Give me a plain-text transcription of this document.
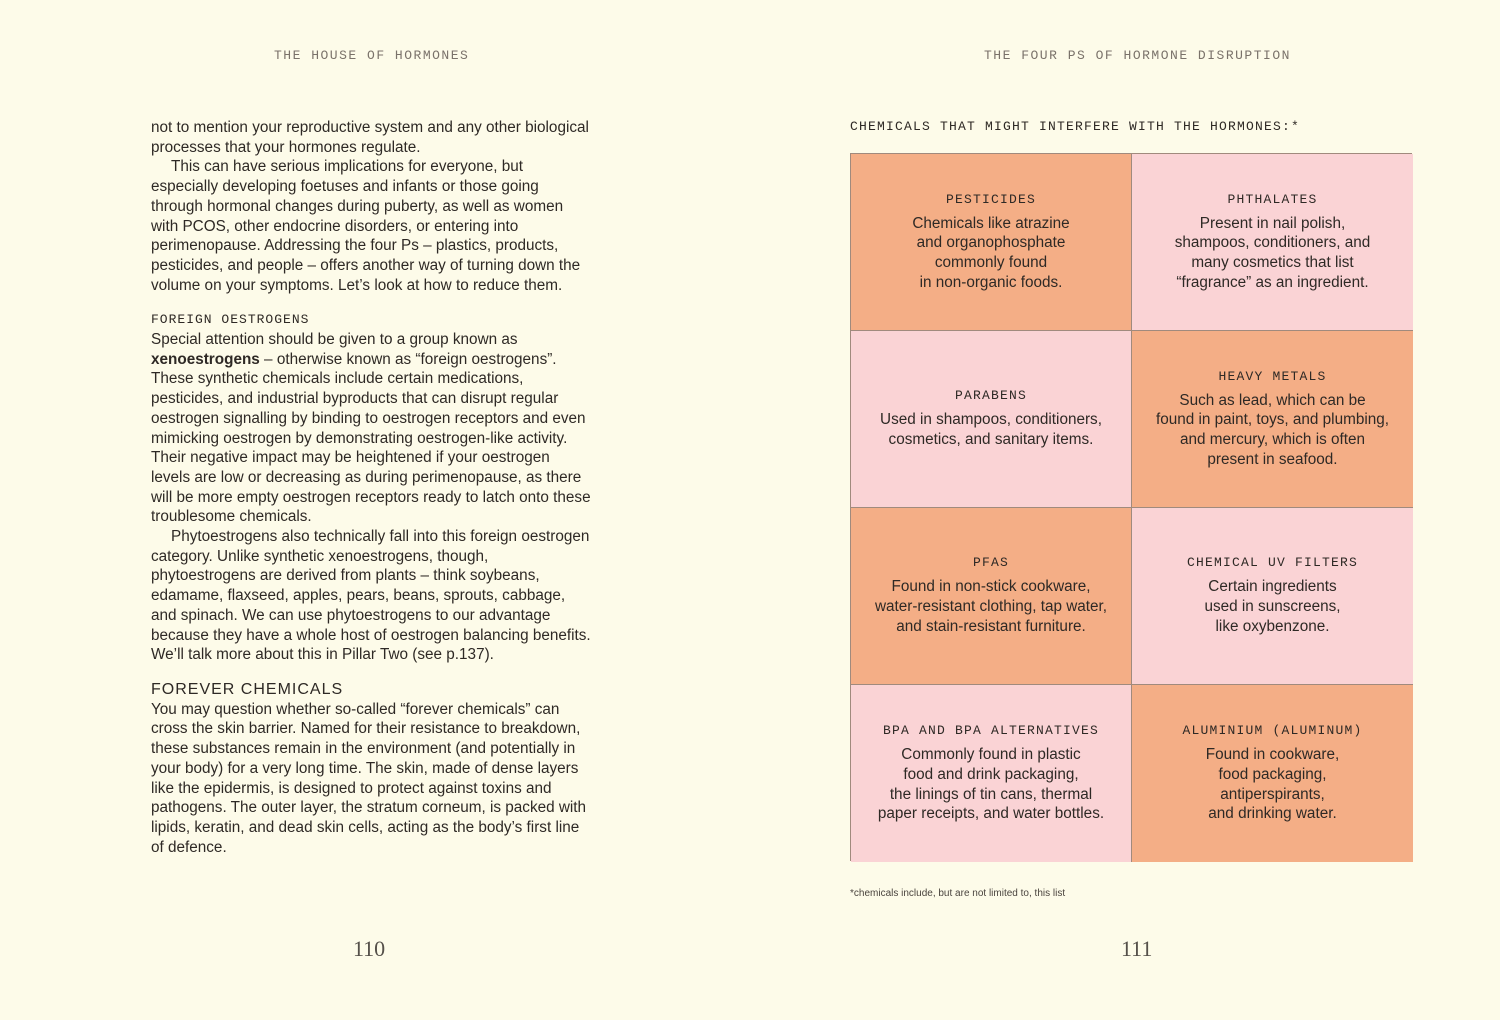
THE HOUSE OF HORMONES

not to mention your reproductive system and any other biological processes that your hormones regulate.

This can have serious implications for everyone, but especially developing foetuses and infants or those going through hormonal changes during puberty, as well as women with PCOS, other endocrine disorders, or entering into perimenopause. Addressing the four Ps – plastics, products, pesticides, and people – offers another way of turning down the volume on your symptoms. Let’s look at how to reduce them.

FOREIGN OESTROGENS

Special attention should be given to a group known as xenoestrogens – otherwise known as “foreign oestrogens”. These synthetic chemicals include certain medications, pesticides, and industrial byproducts that can disrupt regular oestrogen signalling by binding to oestrogen receptors and even mimicking oestrogen by demonstrating oestrogen-like activity. Their negative impact may be heightened if your oestrogen levels are low or decreasing as during perimenopause, as there will be more empty oestrogen receptors ready to latch onto these troublesome chemicals.

Phytoestrogens also technically fall into this foreign oestrogen category. Unlike synthetic xenoestrogens, though, phytoestrogens are derived from plants – think soybeans, edamame, flaxseed, apples, pears, beans, sprouts, cabbage, and spinach. We can use phytoestrogens to our advantage because they have a whole host of oestrogen balancing benefits. We’ll talk more about this in Pillar Two (see p.137).

FOREVER CHEMICALS

You may question whether so-called “forever chemicals” can cross the skin barrier. Named for their resistance to breakdown, these substances remain in the environment (and potentially in your body) for a very long time. The skin, made of dense layers like the epidermis, is designed to protect against toxins and pathogens. The outer layer, the stratum corneum, is packed with lipids, keratin, and dead skin cells, acting as the body’s first line of defence.

110
THE FOUR PS OF HORMONE DISRUPTION
CHEMICALS THAT MIGHT INTERFERE WITH THE HORMONES:*
PESTICIDES
Chemicals like atrazine
and organophosphate
commonly found
in non-organic foods.
PHTHALATES
Present in nail polish,
shampoos, conditioners, and
many cosmetics that list
“fragrance” as an ingredient.
PARABENS
Used in shampoos, conditioners,
cosmetics, and sanitary items.
HEAVY METALS
Such as lead, which can be
found in paint, toys, and plumbing,
and mercury, which is often
present in seafood.
PFAS
Found in non-stick cookware,
water-resistant clothing, tap water,
and stain-resistant furniture.
CHEMICAL UV FILTERS
Certain ingredients
used in sunscreens,
like oxybenzone.
BPA AND BPA ALTERNATIVES
Commonly found in plastic
food and drink packaging,
the linings of tin cans, thermal
paper receipts, and water bottles.
ALUMINIUM (ALUMINUM)
Found in cookware,
food packaging,
antiperspirants,
and drinking water.
*chemicals include, but are not limited to, this list
111
